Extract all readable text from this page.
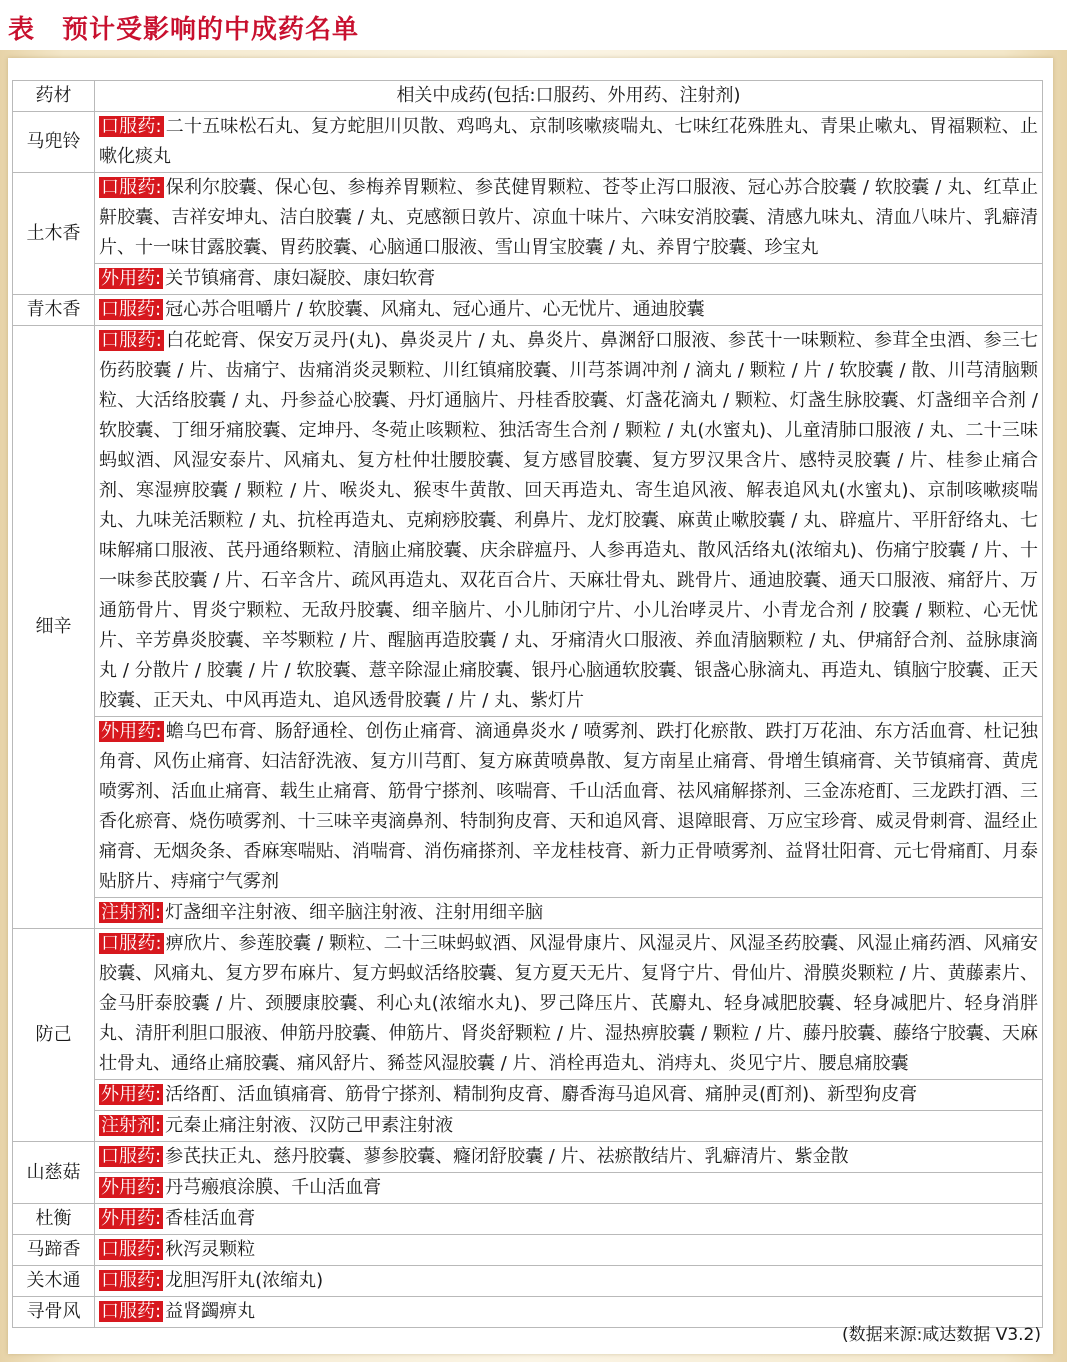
表　预计受影响的中成药名单
药材	相关中成药(包括:口服药、外用药、注射剂)
马兜铃	口服药: 二十五味松石丸、复方蛇胆川贝散、鸡鸣丸、京制咳嗽痰喘丸、七味红花殊胜丸、青果止嗽丸、胃福颗粒、止嗽化痰丸
土木香	口服药: 保利尔胶囊、保心包、参梅养胃颗粒、参芪健胃颗粒、苍苓止泻口服液、冠心苏合胶囊 / 软胶囊 / 丸、红草止鼾胶囊、吉祥安坤丸、洁白胶囊 / 丸、克感额日敦片、凉血十味片、六味安消胶囊、清感九味丸、清血八味片、乳癖清片、十一味甘露胶囊、胃药胶囊、心脑通口服液、雪山胃宝胶囊 / 丸、养胃宁胶囊、珍宝丸
	外用药: 关节镇痛膏、康妇凝胶、康妇软膏
青木香	口服药: 冠心苏合咀嚼片 / 软胶囊、风痛丸、冠心通片、心无忧片、通迪胶囊
细辛	口服药: 白花蛇膏、保安万灵丹(丸)、鼻炎灵片 / 丸、鼻炎片、鼻渊舒口服液、参芪十一味颗粒、参茸全虫酒、参三七伤药胶囊 / 片、齿痛宁、齿痛消炎灵颗粒、川红镇痛胶囊、川芎茶调冲剂 / 滴丸 / 颗粒 / 片 / 软胶囊 / 散、川芎清脑颗粒、大活络胶囊 / 丸、丹参益心胶囊、丹灯通脑片、丹桂香胶囊、灯盏花滴丸 / 颗粒、灯盏生脉胶囊、灯盏细辛合剂 / 软胶囊、丁细牙痛胶囊、定坤丹、冬菀止咳颗粒、独活寄生合剂 / 颗粒 / 丸(水蜜丸)、儿童清肺口服液 / 丸、二十三味蚂蚁酒、风湿安泰片、风痛丸、复方杜仲壮腰胶囊、复方感冒胶囊、复方罗汉果含片、感特灵胶囊 / 片、桂参止痛合剂、寒湿痹胶囊 / 颗粒 / 片、喉炎丸、猴枣牛黄散、回天再造丸、寄生追风液、解表追风丸(水蜜丸)、京制咳嗽痰喘丸、九味羌活颗粒 / 丸、抗栓再造丸、克痢痧胶囊、利鼻片、龙灯胶囊、麻黄止嗽胶囊 / 丸、辟瘟片、平肝舒络丸、七味解痛口服液、芪丹通络颗粒、清脑止痛胶囊、庆余辟瘟丹、人参再造丸、散风活络丸(浓缩丸)、伤痛宁胶囊 / 片、十一味参芪胶囊 / 片、石辛含片、疏风再造丸、双花百合片、天麻壮骨丸、跳骨片、通迪胶囊、通天口服液、痛舒片、万通筋骨片、胃炎宁颗粒、无敌丹胶囊、细辛脑片、小儿肺闭宁片、小儿治哮灵片、小青龙合剂 / 胶囊 / 颗粒、心无忧片、辛芳鼻炎胶囊、辛芩颗粒 / 片、醒脑再造胶囊 / 丸、牙痛清火口服液、养血清脑颗粒 / 丸、伊痛舒合剂、益脉康滴丸 / 分散片 / 胶囊 / 片 / 软胶囊、薏辛除湿止痛胶囊、银丹心脑通软胶囊、银盏心脉滴丸、再造丸、镇脑宁胶囊、正天胶囊、正天丸、中风再造丸、追风透骨胶囊 / 片 / 丸、紫灯片
	外用药: 蟾乌巴布膏、肠舒通栓、创伤止痛膏、滴通鼻炎水 / 喷雾剂、跌打化瘀散、跌打万花油、东方活血膏、杜记独角膏、风伤止痛膏、妇洁舒洗液、复方川芎酊、复方麻黄喷鼻散、复方南星止痛膏、骨增生镇痛膏、关节镇痛膏、黄虎喷雾剂、活血止痛膏、载生止痛膏、筋骨宁搽剂、咳喘膏、千山活血膏、祛风痛解搽剂、三金冻疮酊、三龙跌打酒、三香化瘀膏、烧伤喷雾剂、十三味辛夷滴鼻剂、特制狗皮膏、天和追风膏、退障眼膏、万应宝珍膏、威灵骨刺膏、温经止痛膏、无烟灸条、香麻寒喘贴、消喘膏、消伤痛搽剂、辛龙桂枝膏、新力正骨喷雾剂、益肾壮阳膏、元七骨痛酊、月泰贴脐片、痔痛宁气雾剂
	注射剂: 灯盏细辛注射液、细辛脑注射液、注射用细辛脑
防己	口服药: 痹欣片、参莲胶囊 / 颗粒、二十三味蚂蚁酒、风湿骨康片、风湿灵片、风湿圣药胶囊、风湿止痛药酒、风痛安胶囊、风痛丸、复方罗布麻片、复方蚂蚁活络胶囊、复方夏天无片、复肾宁片、骨仙片、滑膜炎颗粒 / 片、黄藤素片、金马肝泰胶囊 / 片、颈腰康胶囊、利心丸(浓缩水丸)、罗己降压片、芪麝丸、轻身减肥胶囊、轻身减肥片、轻身消胖丸、清肝利胆口服液、伸筋丹胶囊、伸筋片、肾炎舒颗粒 / 片、湿热痹胶囊 / 颗粒 / 片、藤丹胶囊、藤络宁胶囊、天麻壮骨丸、通络止痛胶囊、痛风舒片、豨莶风湿胶囊 / 片、消栓再造丸、消痔丸、炎见宁片、腰息痛胶囊
	外用药: 活络酊、活血镇痛膏、筋骨宁搽剂、精制狗皮膏、麝香海马追风膏、痛肿灵(酊剂)、新型狗皮膏
	注射剂: 元秦止痛注射液、汉防己甲素注射液
山慈菇	口服药: 参芪扶正丸、慈丹胶囊、蓼参胶囊、癃闭舒胶囊 / 片、祛瘀散结片、乳癖清片、紫金散
	外用药: 丹芎瘢痕涂膜、千山活血膏
杜衡	外用药: 香桂活血膏
马蹄香	口服药: 秋泻灵颗粒
关木通	口服药: 龙胆泻肝丸(浓缩丸)
寻骨风	口服药: 益肾蠲痹丸
(数据来源:咸达数据 V3.2)
